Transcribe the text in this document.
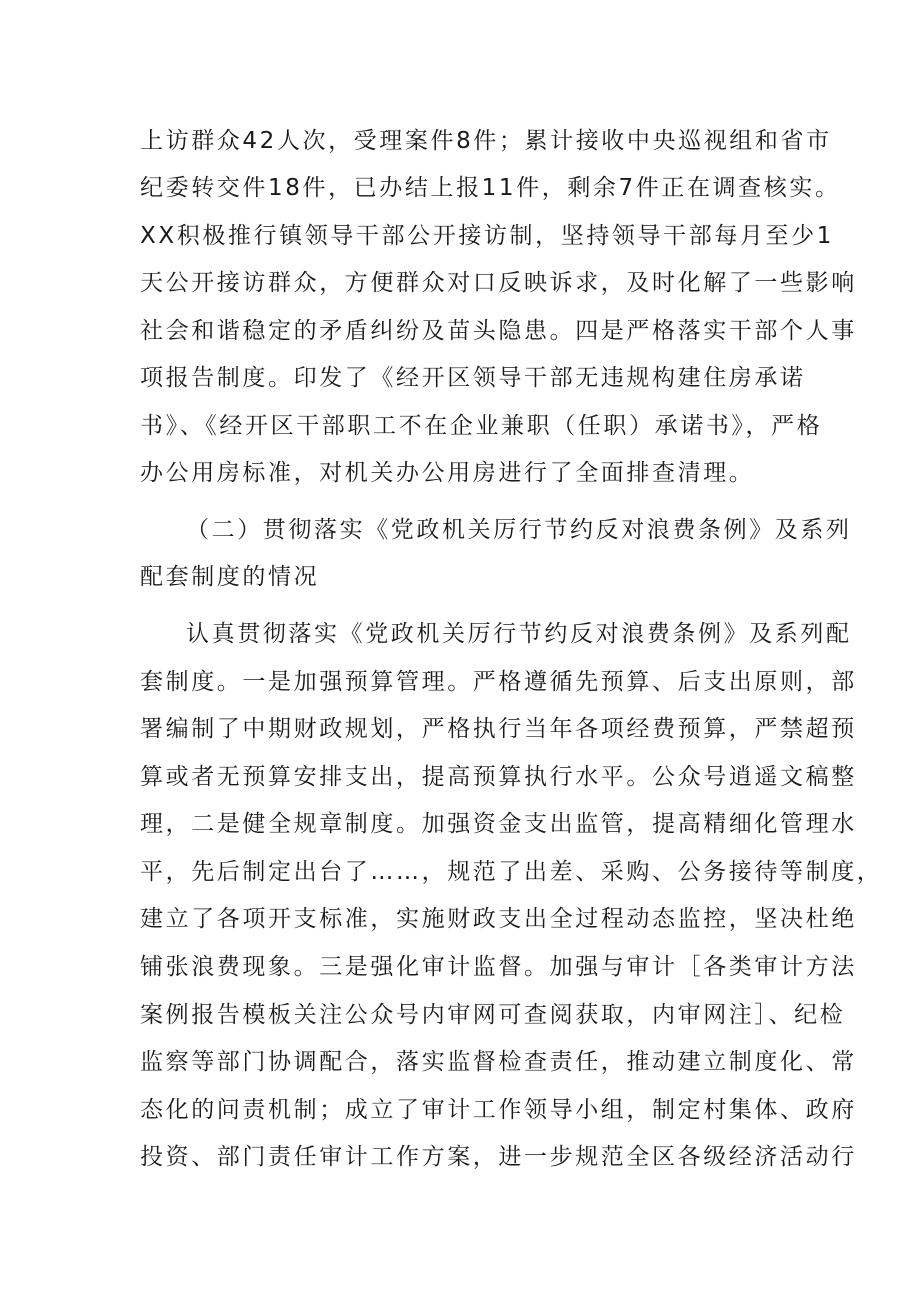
上访群众42人次，受理案件8件；累计接收中央巡视组和省市
纪委转交件18件，已办结上报11件，剩余7件正在调查核实。
XX积极推行镇领导干部公开接访制，坚持领导干部每月至少1
天公开接访群众，方便群众对口反映诉求，及时化解了一些影响
社会和谐稳定的矛盾纠纷及苗头隐患。四是严格落实干部个人事
项报告制度。印发了《经开区领导干部无违规构建住房承诺
书》、《经开区干部职工不在企业兼职（任职）承诺书》，严格
办公用房标准，对机关办公用房进行了全面排查清理。
（二）贯彻落实《党政机关厉行节约反对浪费条例》及系列
配套制度的情况
认真贯彻落实《党政机关厉行节约反对浪费条例》及系列配
套制度。一是加强预算管理。严格遵循先预算、后支出原则，部
署编制了中期财政规划，严格执行当年各项经费预算，严禁超预
算或者无预算安排支出，提高预算执行水平。公众号逍遥文稿整
理，二是健全规章制度。加强资金支出监管，提高精细化管理水
平，先后制定出台了……，规范了出差、采购、公务接待等制度，
建立了各项开支标准，实施财政支出全过程动态监控，坚决杜绝
铺张浪费现象。三是强化审计监督。加强与审计［各类审计方法
案例报告模板关注公众号内审网可查阅获取，内审网注］、纪检
监察等部门协调配合，落实监督检查责任，推动建立制度化、常
态化的问责机制；成立了审计工作领导小组，制定村集体、政府
投资、部门责任审计工作方案，进一步规范全区各级经济活动行
